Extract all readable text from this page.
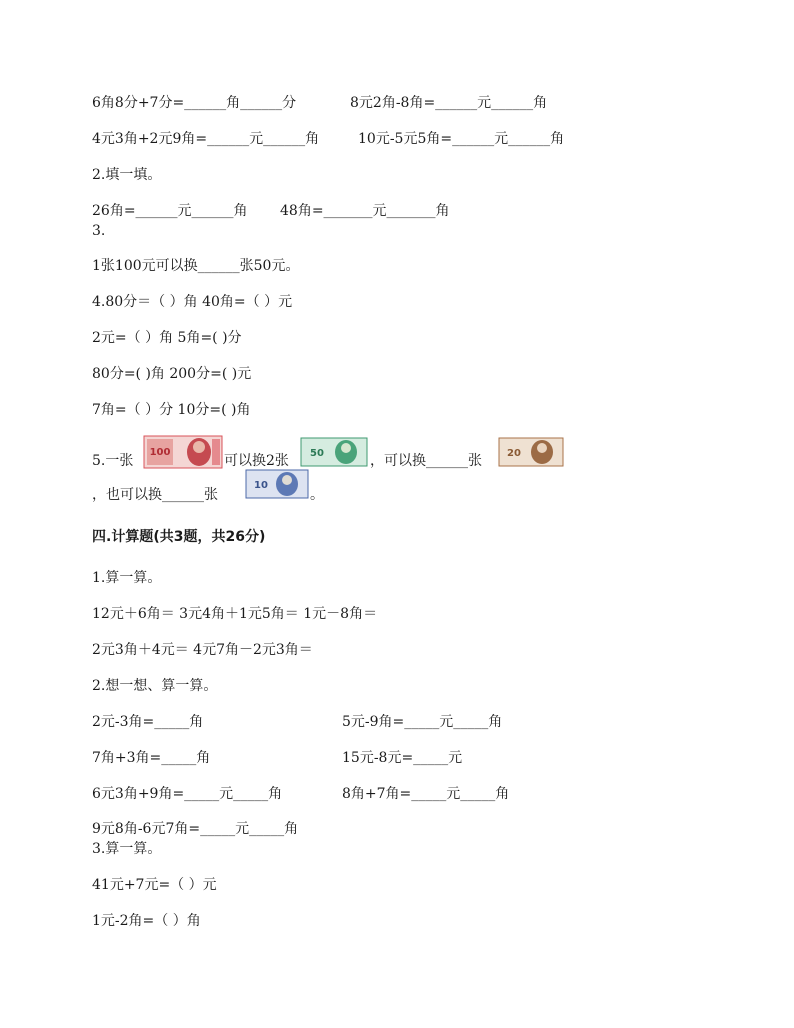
6角8分+7分=______角______分	8元2角-8角=______元______角
4元3角+2元9角=______元______角	10元-5元5角=______元______角
2.填一填。
26角=______元______角 48角=_______元_______角
3.
1张100元可以换______张50元。
4.80分＝（ ）角 40角=（ ）元
2元=（ ）角 5角=( )分
80分=( )角 200分=( )元
7角=（ ）分 10分=( )角
5.一张
100
可以换2张 50	，可以换______张	20
，也可以换______张
10
。
四.计算题(共3题，共26分)
1.算一算。
12元＋6角＝ 3元4角＋1元5角＝ 1元－8角＝
2元3角＋4元＝ 4元7角－2元3角＝
2.想一想、算一算。
2元-3角=_____角	5元-9角=_____元_____角
7角+3角=_____角	15元-8元=_____元
6元3角+9角=_____元_____角	8角+7角=_____元_____角
9元8角-6元7角=_____元_____角
3.算一算。
41元+7元=（ ）元
1元-2角=（ ）角
